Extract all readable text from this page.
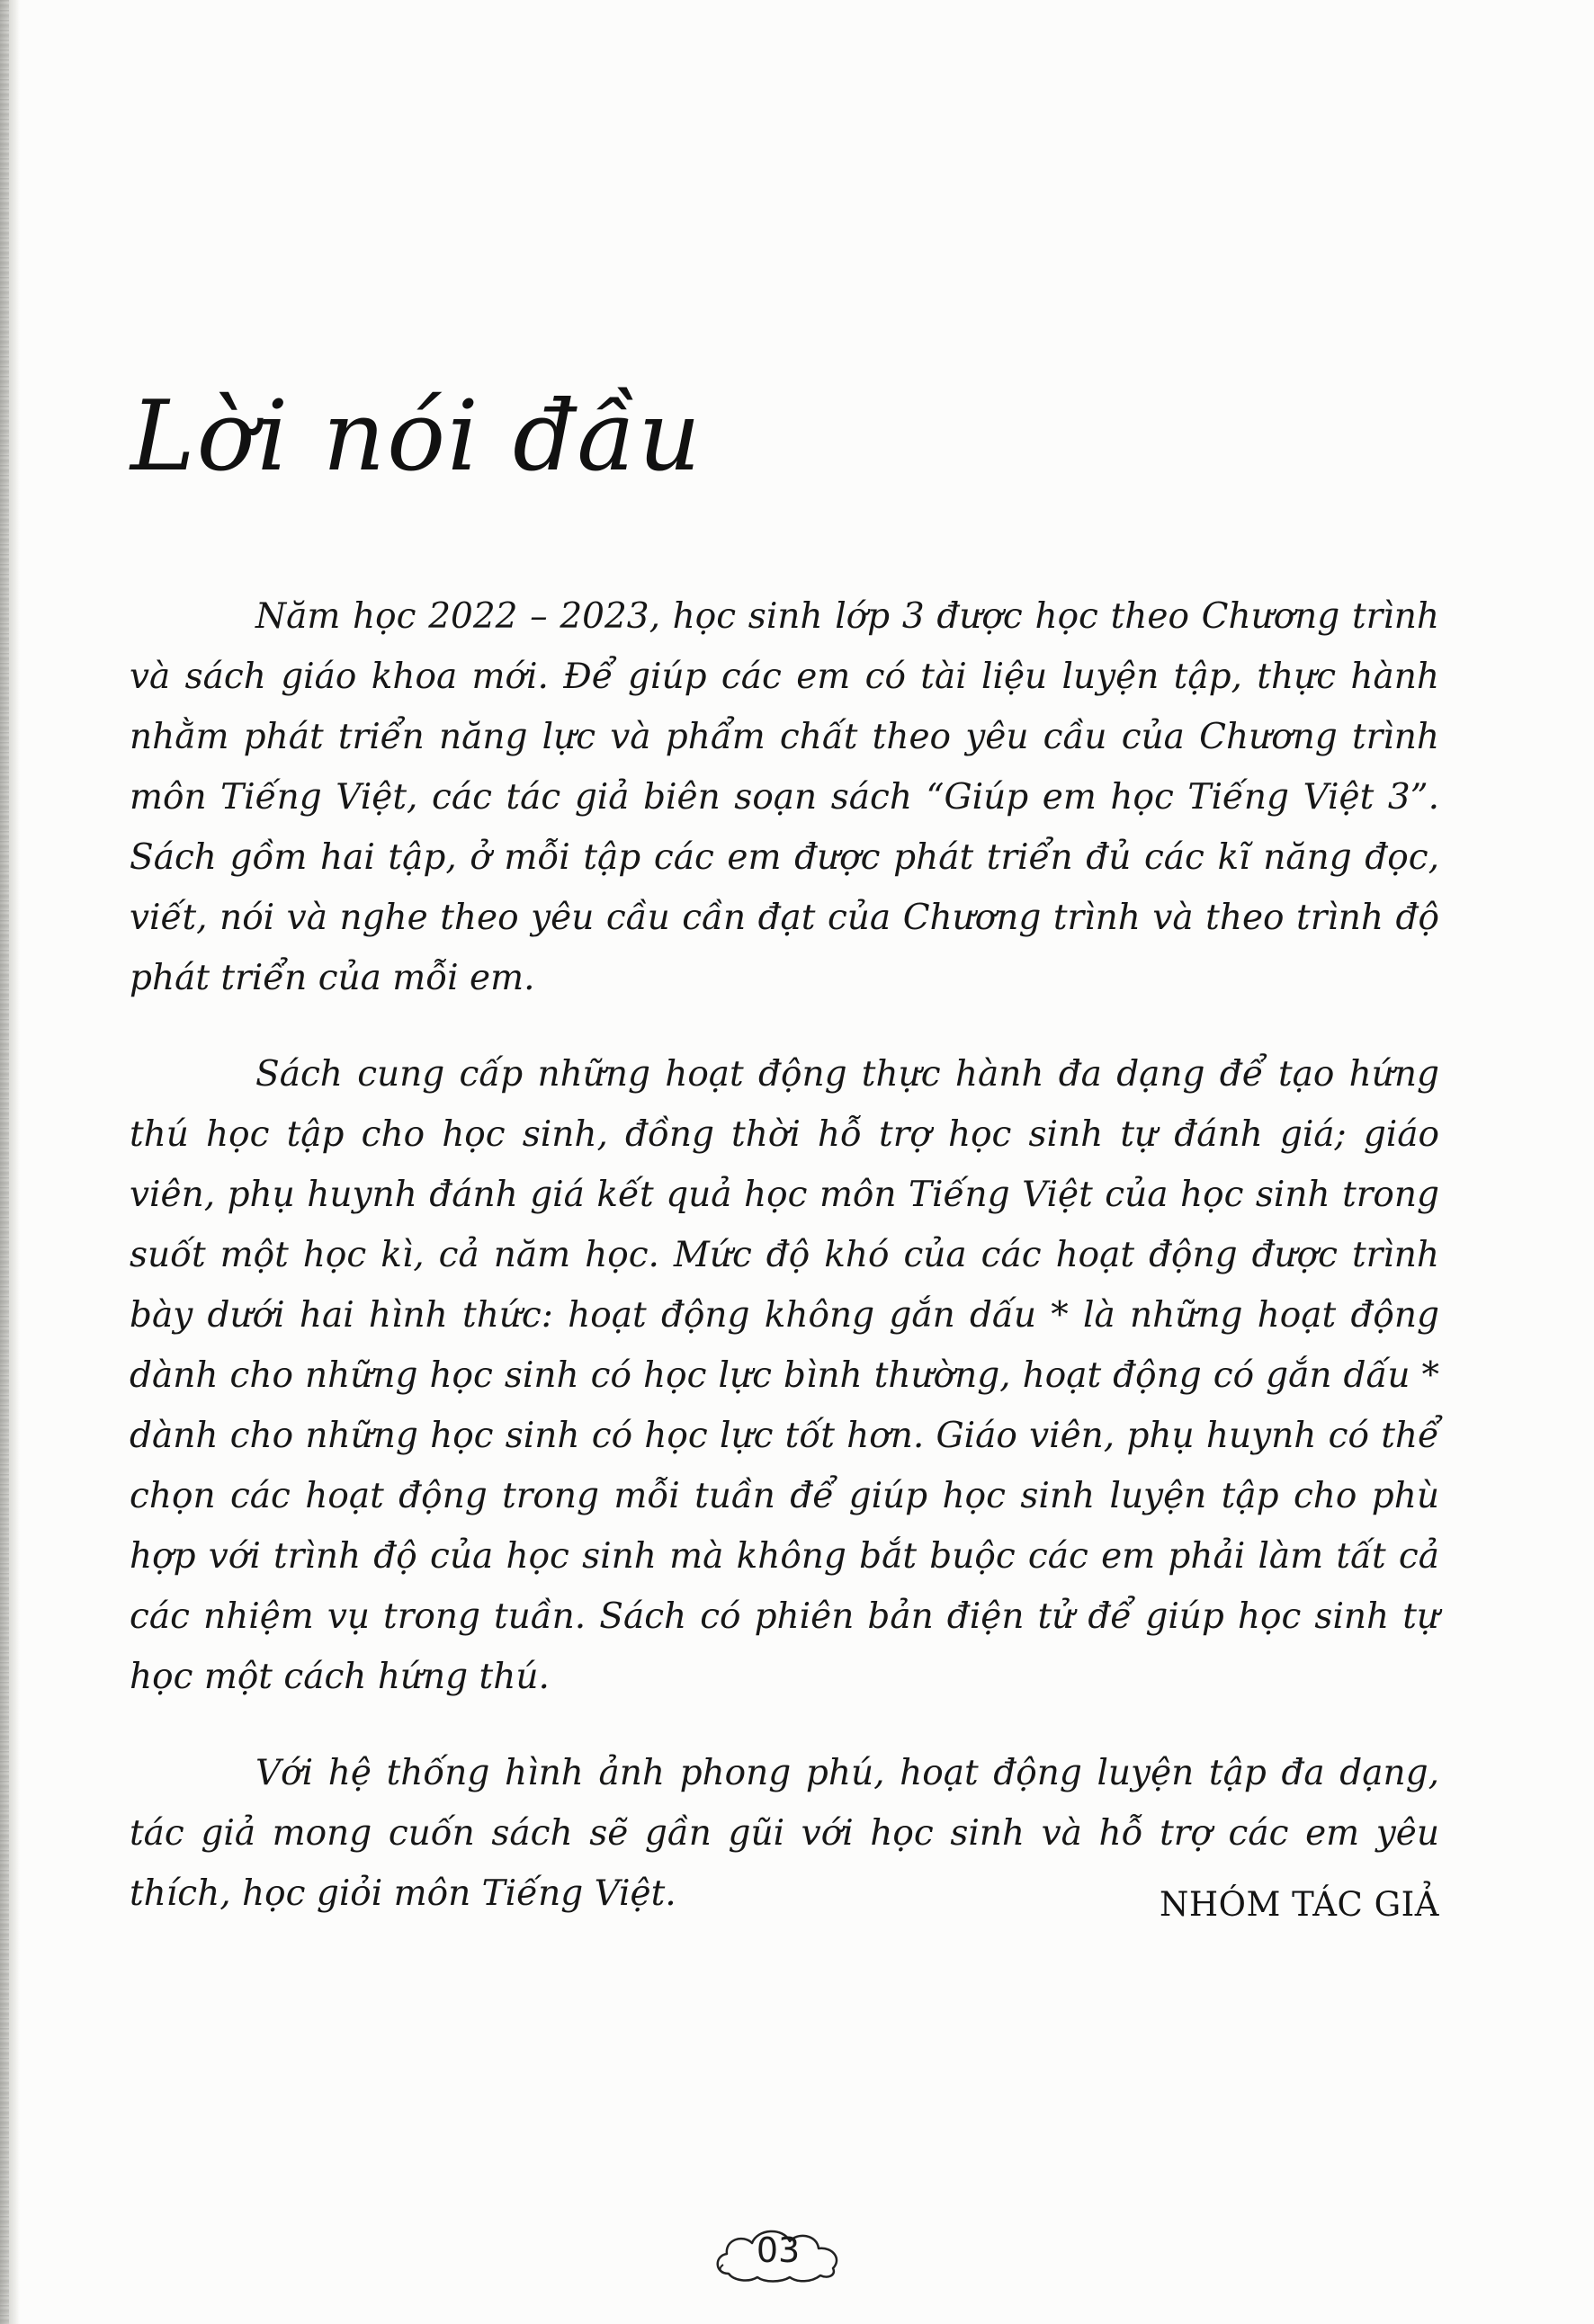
Lời nói đầu

Năm học 2022 – 2023, học sinh lớp 3 được học theo Chương trình và sách giáo khoa mới. Để giúp các em có tài liệu luyện tập, thực hành nhằm phát triển năng lực và phẩm chất theo yêu cầu của Chương trình môn Tiếng Việt, các tác giả biên soạn sách “Giúp em học Tiếng Việt 3”. Sách gồm hai tập, ở mỗi tập các em được phát triển đủ các kĩ năng đọc, viết, nói và nghe theo yêu cầu cần đạt của Chương trình và theo trình độ phát triển của mỗi em.

Sách cung cấp những hoạt động thực hành đa dạng để tạo hứng thú học tập cho học sinh, đồng thời hỗ trợ học sinh tự đánh giá; giáo viên, phụ huynh đánh giá kết quả học môn Tiếng Việt của học sinh trong suốt một học kì, cả năm học. Mức độ khó của các hoạt động được trình bày dưới hai hình thức: hoạt động không gắn dấu * là những hoạt động dành cho những học sinh có học lực bình thường, hoạt động có gắn dấu * dành cho những học sinh có học lực tốt hơn. Giáo viên, phụ huynh có thể chọn các hoạt động trong mỗi tuần để giúp học sinh luyện tập cho phù hợp với trình độ của học sinh mà không bắt buộc các em phải làm tất cả các nhiệm vụ trong tuần. Sách có phiên bản điện tử để giúp học sinh tự học một cách hứng thú.

Với hệ thống hình ảnh phong phú, hoạt động luyện tập đa dạng, tác giả mong cuốn sách sẽ gần gũi với học sinh và hỗ trợ các em yêu thích, học giỏi môn Tiếng Việt.	NHÓM TÁC GIẢ
03
